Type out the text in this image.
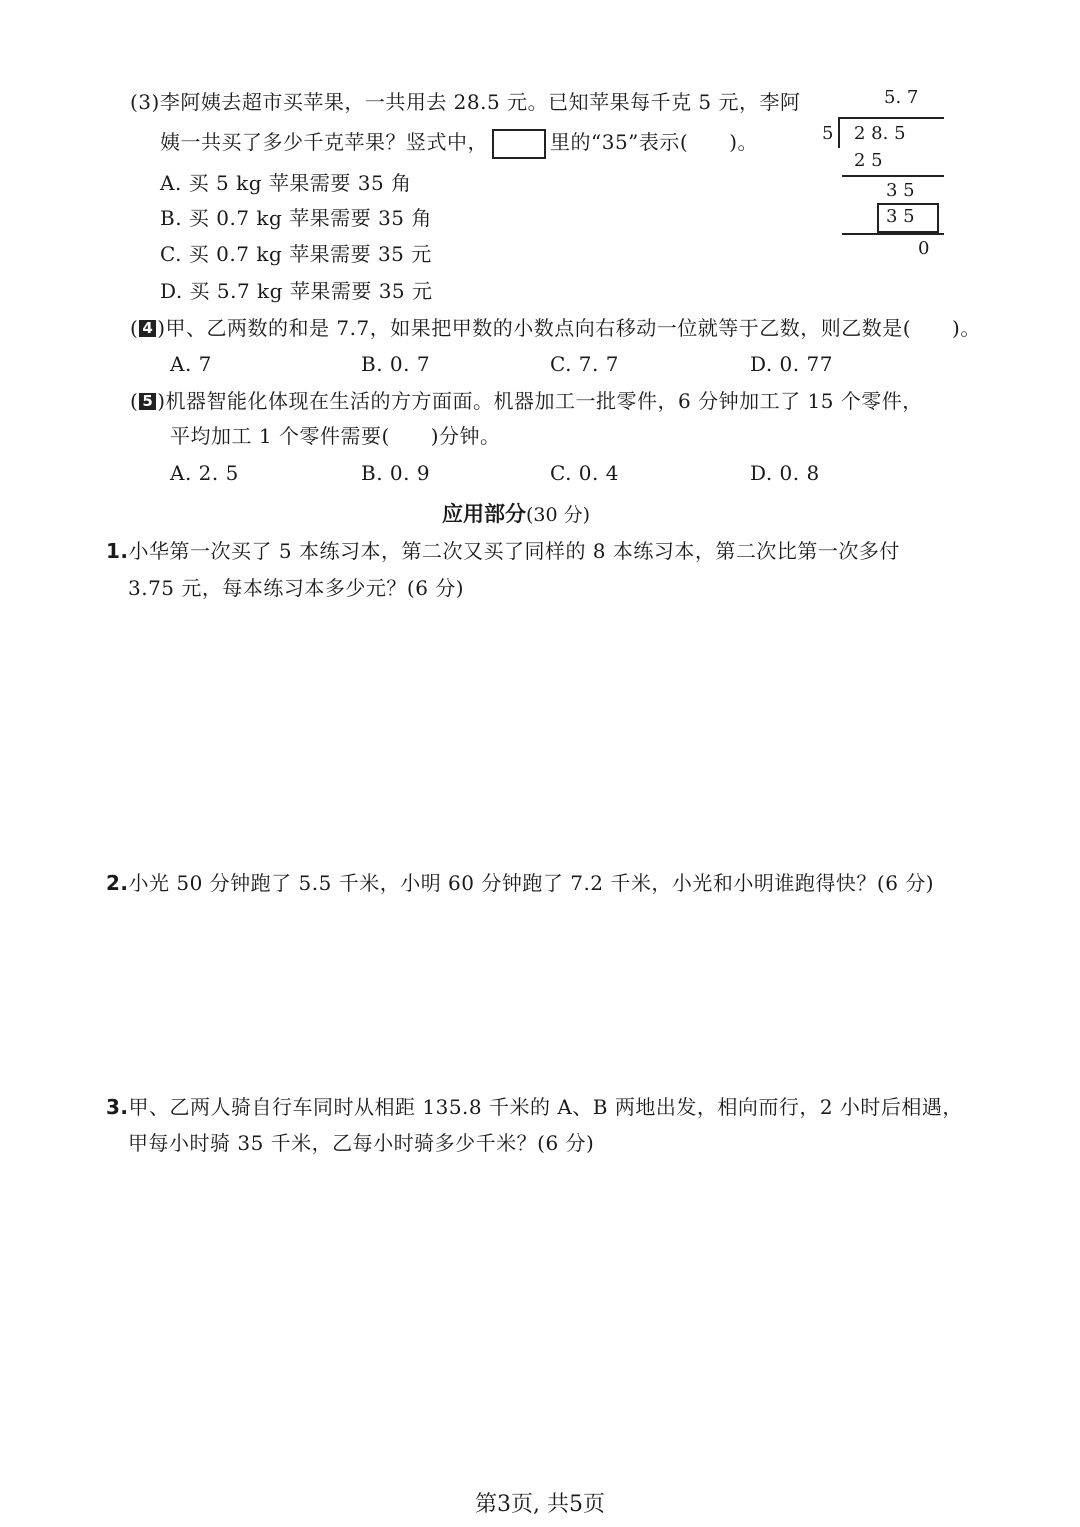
(3)李阿姨去超市买苹果，一共用去 28.5 元。已知苹果每千克 5 元，李阿
姨一共买了多少千克苹果？竖式中，	里的“35”表示(　　)。
A. 买 5 kg 苹果需要 35 角
B. 买 0.7 kg 苹果需要 35 角
C. 买 0.7 kg 苹果需要 35 元
D. 买 5.7 kg 苹果需要 35 元
5. 7
5 2 8. 5
2 5
3 5
3 5
0
( 4 )甲、乙两数的和是 7.7，如果把甲数的小数点向右移动一位就等于乙数，则乙数是(　　)。
A. 7	B. 0. 7	C. 7. 7	D. 0. 77
( 5 )机器智能化体现在生活的方方面面。机器加工一批零件，6 分钟加工了 15 个零件，
平均加工 1 个零件需要(　　)分钟。
A. 2. 5	B. 0. 9	C. 0. 4	D. 0. 8
应用部分(30 分)
1.小华第一次买了 5 本练习本，第二次又买了同样的 8 本练习本，第二次比第一次多付
3.75 元，每本练习本多少元？(6 分)
2.小光 50 分钟跑了 5.5 千米，小明 60 分钟跑了 7.2 千米，小光和小明谁跑得快？(6 分)
3.甲、乙两人骑自行车同时从相距 135.8 千米的 A、B 两地出发，相向而行，2 小时后相遇，
甲每小时骑 35 千米，乙每小时骑多少千米？(6 分)
第3页, 共5页
